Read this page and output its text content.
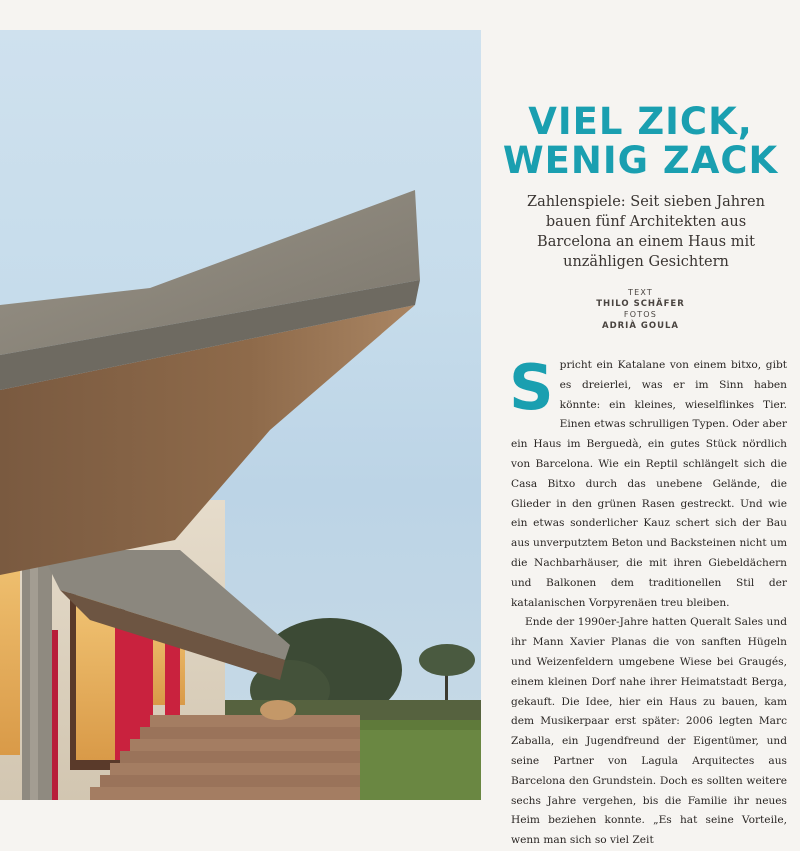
VIEL ZICK,
WENIG ZACK

Zahlenspiele: Seit sieben Jahren bauen fünf Architekten aus Barcelona an einem Haus mit unzähligen Gesichtern

TEXT
THILO SCHÄFER
FOTOS
ADRIÀ GOULA
S pricht ein Katalane von einem bitxo, gibt es dreierlei, was er im Sinn haben könnte: ein kleines, wieselflinkes Tier. Einen etwas schrulligen Typen. Oder aber ein Haus im Berguedà, ein gutes Stück nördlich von Barcelona. Wie ein Reptil schlängelt sich die Casa Bitxo durch das unebene Gelände, die Glieder in den grünen Rasen gestreckt. Und wie ein etwas sonderlicher Kauz schert sich der Bau aus unverputztem Beton und Backsteinen nicht um die Nachbarhäuser, die mit ihren Giebeldächern und Balkonen dem traditionellen Stil der katalanischen Vorpyrenäen treu bleiben.

Ende der 1990er-Jahre hatten Queralt Sales und ihr Mann Xavier Planas die von sanften Hügeln und Weizenfeldern umgebene Wiese bei Graugés, einem kleinen Dorf nahe ihrer Heimatstadt Berga, gekauft. Die Idee, hier ein Haus zu bauen, kam dem Musikerpaar erst später: 2006 legten Marc Zaballa, ein Jugendfreund der Eigentümer, und seine Partner von Lagula Arquitectes aus Barcelona den Grundstein. Doch es sollten weitere sechs Jahre vergehen, bis die Familie ihr neues Heim beziehen konnte. „Es hat seine Vorteile, wenn man sich so viel Zeit
